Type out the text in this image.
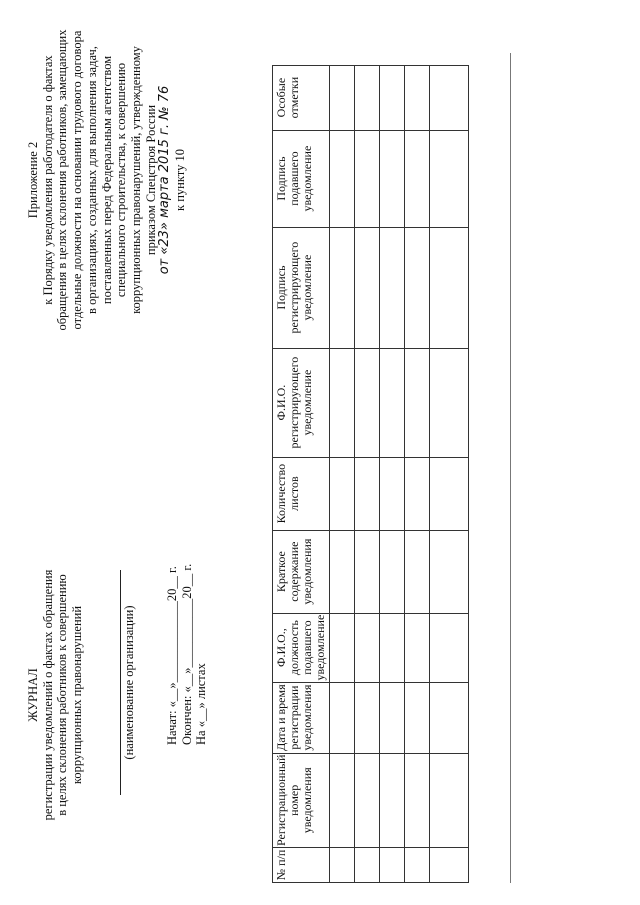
ЖУРНАЛ регистрации уведомлений о фактах обращения в целях склонения работников к совершению коррупционных правонарушений	(наименование организации) Начат: «__»_____________20__ г. Окончен: «__»___________20__ г. На «__» листах
Приложение 2 к Порядку уведомления работодателя о фактах обращения в целях склонения работников, замещающих отдельные должности на основании трудового договора в организациях, созданных для выполнения задач, поставленных перед Федеральным агентством специального строительства, к совершению коррупционных правонарушений, утвержденному приказом Спецстроя России от «23» марта 2015 г. № 76 к пункту 10
№ п/п	Регистрационный номер уведомления	Дата и время регистрации уведомления	Ф.И.О., должность подавшего уведомление	Краткое содержание уведомления	Количество листов	Ф.И.О. регистрирующего уведомление	Подпись регистрирующего уведомление	Подпись подавшего уведомление	Особые отметки
